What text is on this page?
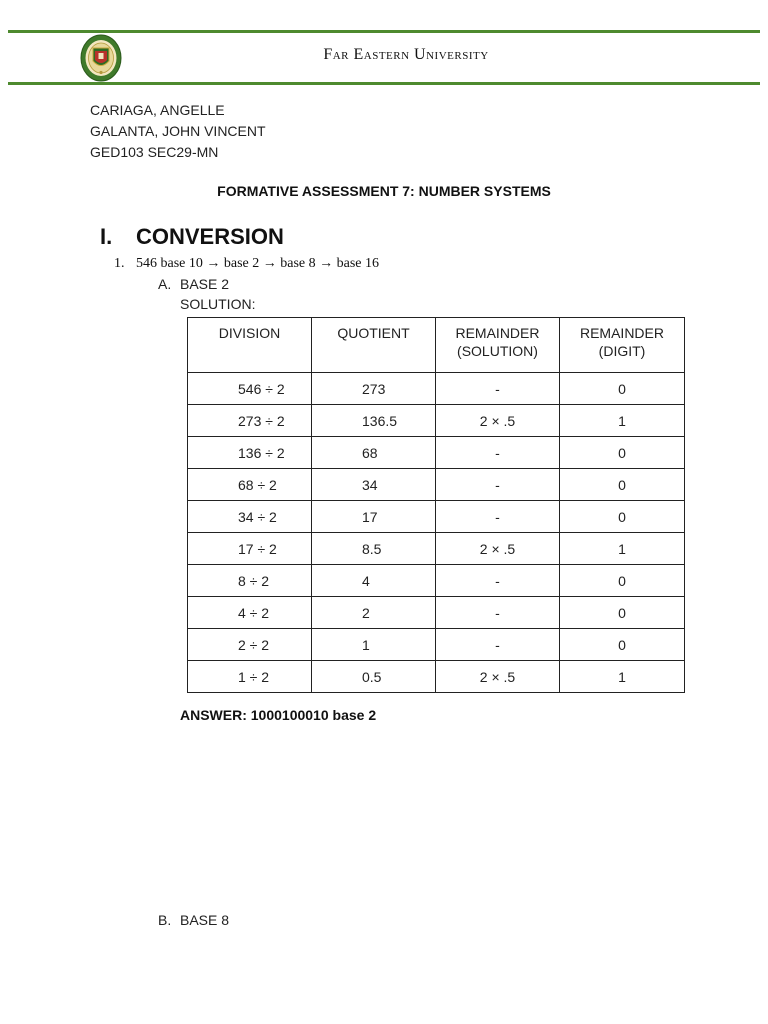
Far Eastern University
CARIAGA, ANGELLE
GALANTA, JOHN VINCENT
GED103 SEC29-MN
FORMATIVE ASSESSMENT 7: NUMBER SYSTEMS
I. CONVERSION
1. 546 base 10 → base 2 → base 8 → base 16
A. BASE 2
SOLUTION:
DIVISION	QUOTIENT	REMAINDER (SOLUTION)	REMAINDER (DIGIT)
546 ÷ 2	273	-	0
273 ÷ 2	136.5	2 × .5	1
136 ÷ 2	68	-	0
68 ÷ 2	34	-	0
34 ÷ 2	17	-	0
17 ÷ 2	8.5	2 × .5	1
8 ÷ 2	4	-	0
4 ÷ 2	2	-	0
2 ÷ 2	1	-	0
1 ÷ 2	0.5	2 × .5	1
ANSWER: 1000100010 base 2
B. BASE 8
